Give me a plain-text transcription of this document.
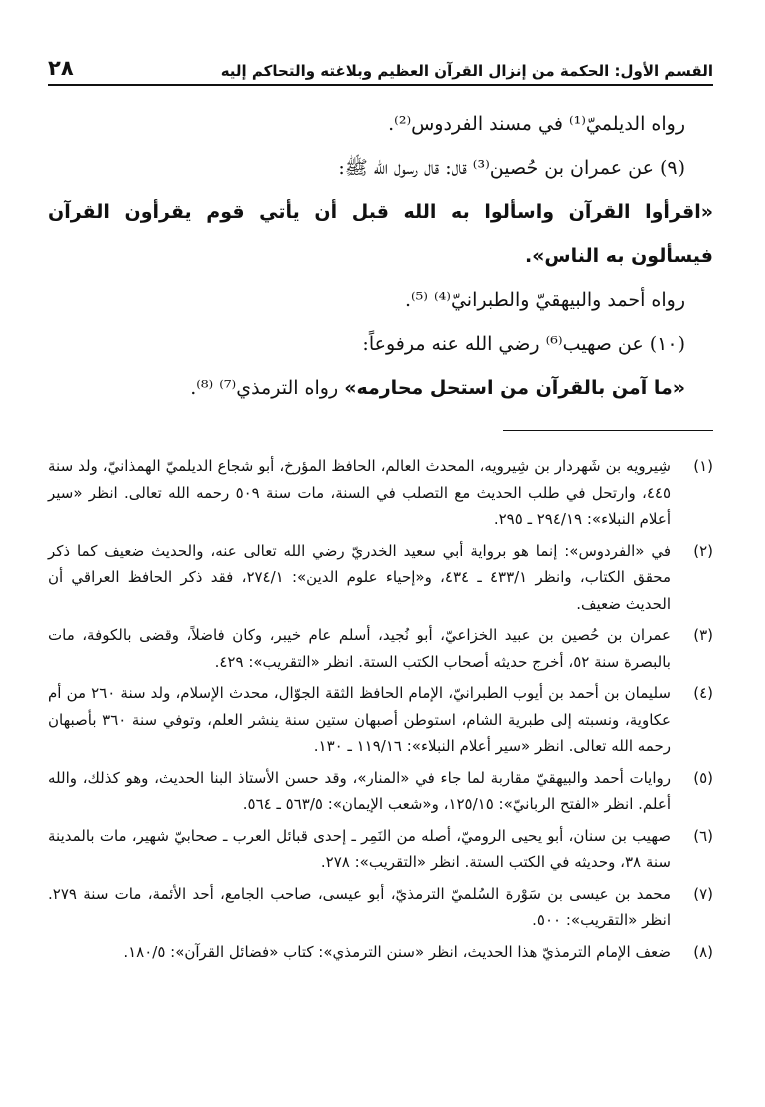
القسم الأول: الحكمة من إنزال القرآن العظيم وبلاغته والتحاكم إليه
٢٨

رواه الديلميّ⁽¹⁾ في مسند الفردوس⁽²⁾.

(٩) عن عمران بن حُصين⁽³⁾ قال: قال رسول الله ﷺ:

«اقرأوا القرآن واسألوا به الله قبل أن يأتي قوم يقرأون القرآن فيسألون به الناس».

رواه أحمد والبيهقيّ والطبرانيّ⁽⁴⁾ ⁽⁵⁾.

(١٠) عن صهيب⁽⁶⁾ رضي الله عنه مرفوعاً:

«ما آمن بالقرآن من استحل محارمه» رواه الترمذي⁽⁷⁾ ⁽⁸⁾.

(١)
شِيرويه بن شَهردار بن شِيرويه، المحدث العالم، الحافظ المؤرخ، أبو شجاع الديلميّ الهمذانيّ، ولد سنة ٤٤٥، وارتحل في طلب الحديث مع التصلب في السنة، مات سنة ٥٠٩ رحمه الله تعالى. انظر «سير أعلام النبلاء»: ٢٩٤/١٩ ـ ٢٩٥.
(٢)
في «الفردوس»: إنما هو برواية أبي سعيد الخدريّ رضي الله تعالى عنه، والحديث ضعيف كما ذكر محقق الكتاب، وانظر ٤٣٣/١ ـ ٤٣٤، و«إحياء علوم الدين»: ٢٧٤/١، فقد ذكر الحافظ العراقي أن الحديث ضعيف.
(٣)
عمران بن حُصين بن عبيد الخزاعيّ، أبو نُجيد، أسلم عام خيبر، وكان فاضلاً، وقضى بالكوفة، مات بالبصرة سنة ٥٢، أخرج حديثه أصحاب الكتب الستة. انظر «التقريب»: ٤٢٩.
(٤)
سليمان بن أحمد بن أيوب الطبرانيّ، الإمام الحافظ الثقة الجوّال، محدث الإسلام، ولد سنة ٢٦٠ من أم عكاوية، ونسبته إلى طبرية الشام، استوطن أصبهان ستين سنة ينشر العلم، وتوفي سنة ٣٦٠ بأصبهان رحمه الله تعالى. انظر «سير أعلام النبلاء»: ١١٩/١٦ ـ ١٣٠.
(٥)
روايات أحمد والبيهقيّ مقاربة لما جاء في «المنار»، وقد حسن الأستاذ البنا الحديث، وهو كذلك، والله أعلم. انظر «الفتح الربانيّ»: ١٢٥/١٥، و«شعب الإيمان»: ٥٦٣/٥ ـ ٥٦٤.
(٦)
صهيب بن سنان، أبو يحيى الروميّ، أصله من النَمِر ـ إحدى قبائل العرب ـ صحابيّ شهير، مات بالمدينة سنة ٣٨، وحديثه في الكتب الستة. انظر «التقريب»: ٢٧٨.
(٧)
محمد بن عيسى بن سَوْرة السُلميّ الترمذيّ، أبو عيسى، صاحب الجامع، أحد الأئمة، مات سنة ٢٧٩. انظر «التقريب»: ٥٠٠.
(٨)
ضعف الإمام الترمذيّ هذا الحديث، انظر «سنن الترمذي»: كتاب «فضائل القرآن»: ١٨٠/٥.
